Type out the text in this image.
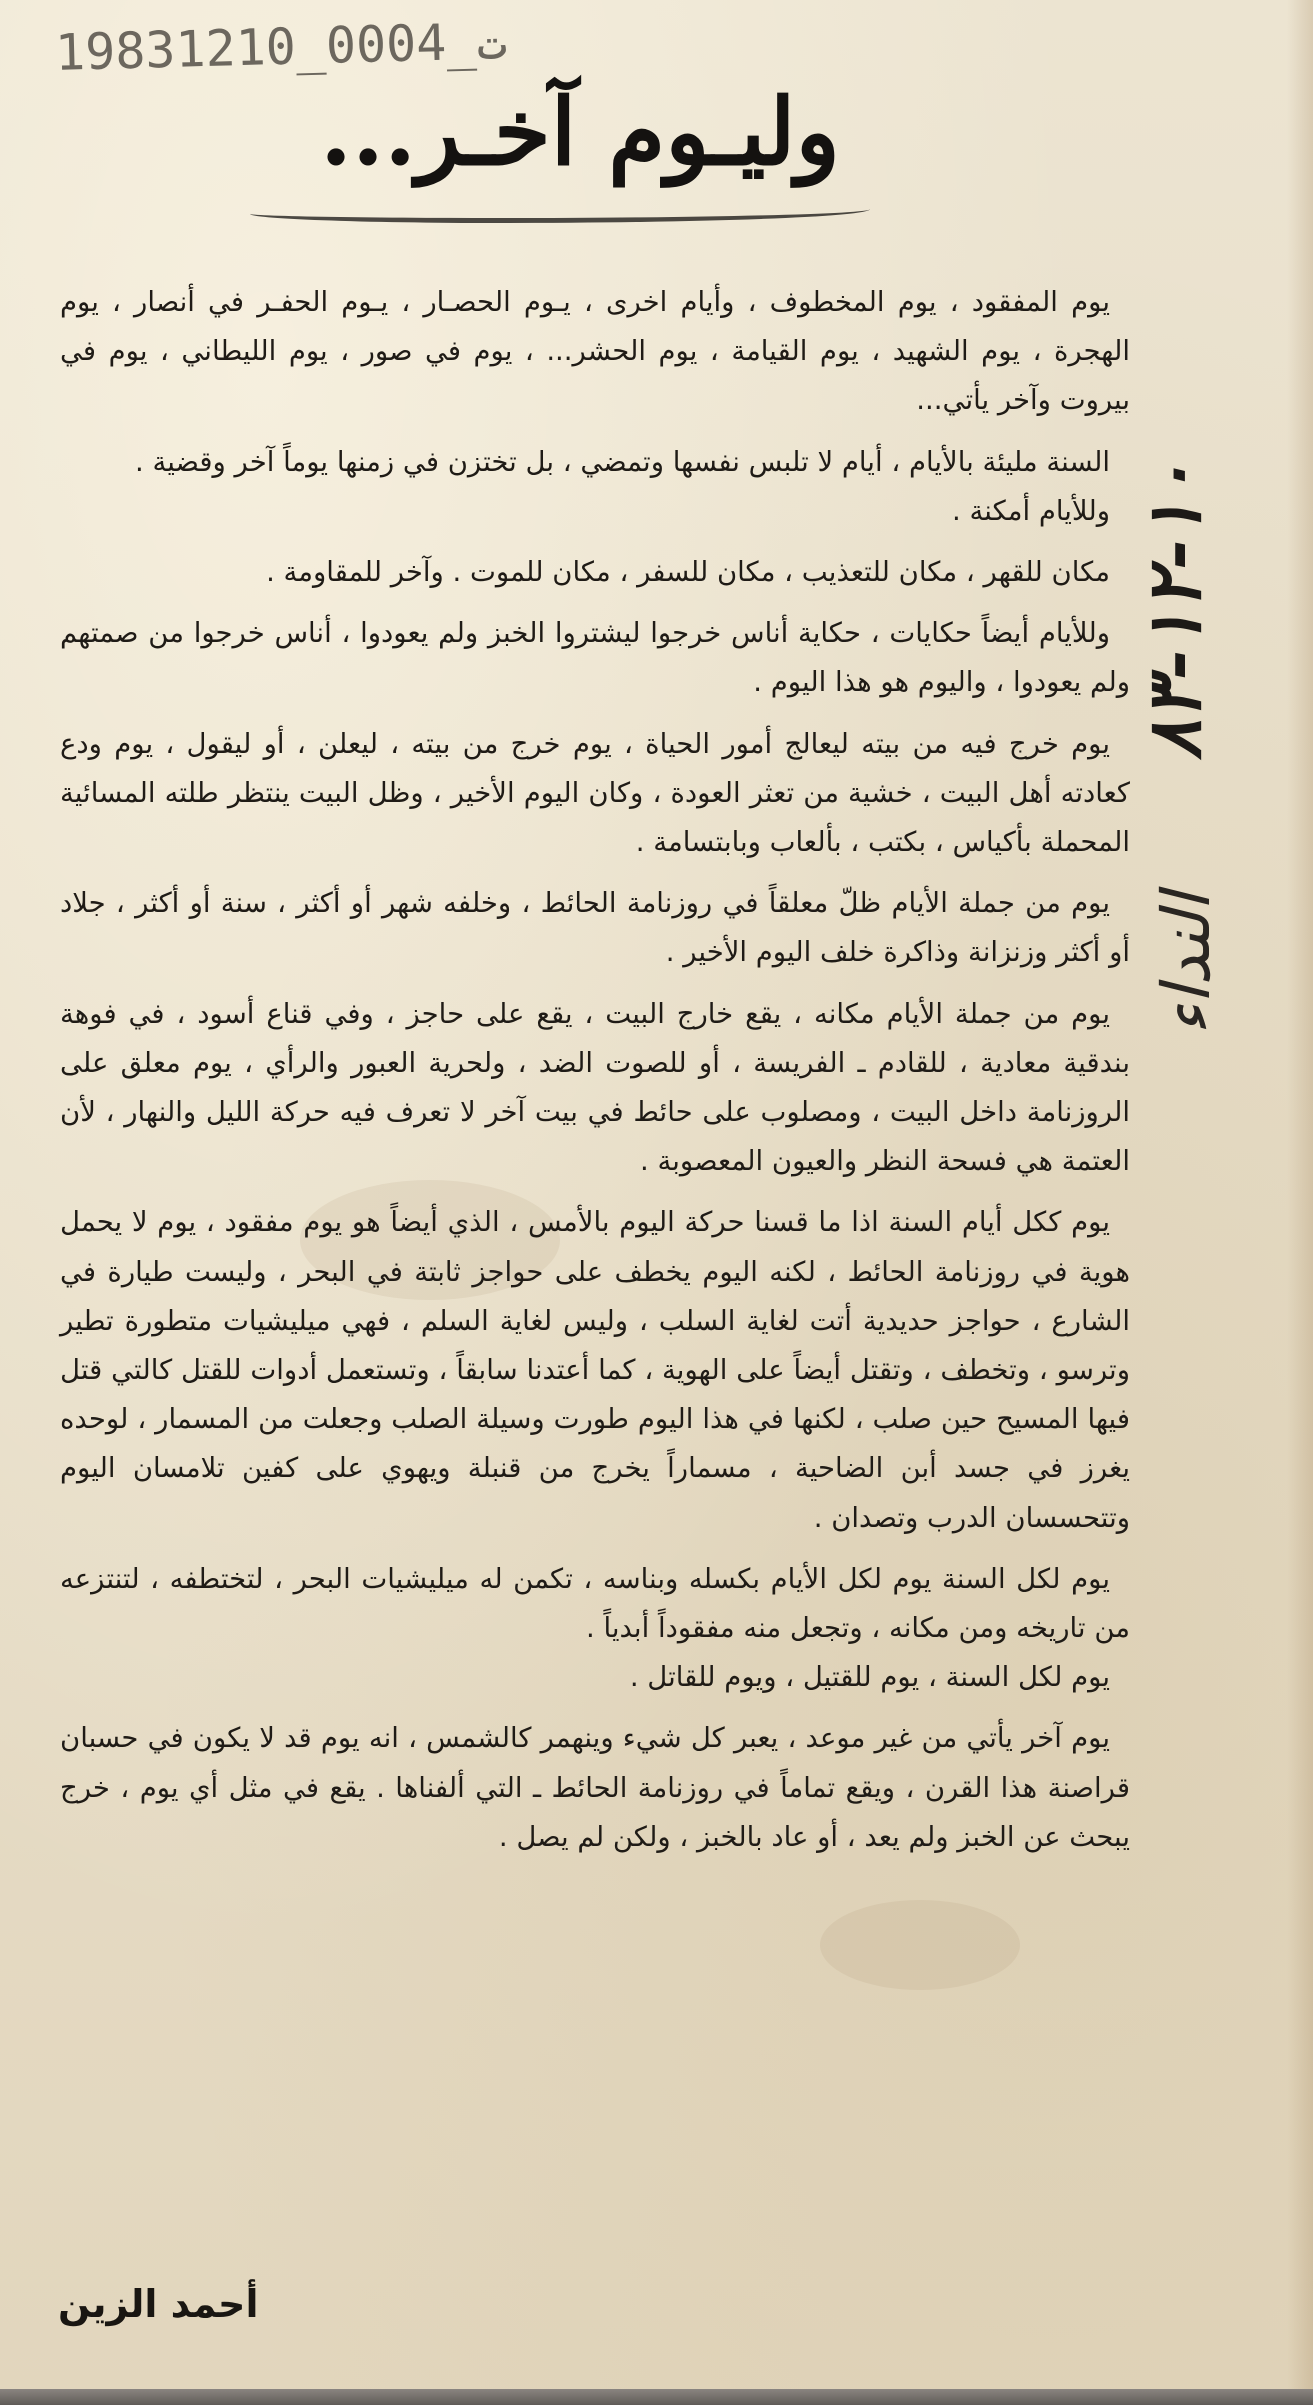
19831210_0004_ت
وليـوم آخـر...

يوم المفقود ، يوم المخطوف ، وأيام اخرى ، يـوم الحصـار ، يـوم الحفـر في أنصار ، يوم الهجرة ، يوم الشهيد ، يوم القيامة ، يوم الحشر... ، يوم في صور ، يوم الليطاني ، يوم في بيروت وآخر يأتي...

السنة مليئة بالأيام ، أيام لا تلبس نفسها وتمضي ، بل تختزن في زمنها يوماً آخر وقضية .

وللأيام أمكنة .

مكان للقهر ، مكان للتعذيب ، مكان للسفر ، مكان للموت . وآخر للمقاومة .

وللأيام أيضاً حكايات ، حكاية أناس خرجوا ليشتروا الخبز ولم يعودوا ، أناس خرجوا من صمتهم ولم يعودوا ، واليوم هو هذا اليوم .

يوم خرج فيه من بيته ليعالج أمور الحياة ، يوم خرج من بيته ، ليعلن ، أو ليقول ، يوم ودع كعادته أهل البيت ، خشية من تعثر العودة ، وكان اليوم الأخير ، وظل البيت ينتظر طلته المسائية المحملة بأكياس ، بكتب ، بألعاب وبابتسامة .

يوم من جملة الأيام ظلّ معلقاً في روزنامة الحائط ، وخلفه شهر أو أكثر ، سنة أو أكثر ، جلاد أو أكثر وزنزانة وذاكرة خلف اليوم الأخير .

يوم من جملة الأيام مكانه ، يقع خارج البيت ، يقع على حاجز ، وفي قناع أسود ، في فوهة بندقية معادية ، للقادم ـ الفريسة ، أو للصوت الضد ، ولحرية العبور والرأي ، يوم معلق على الروزنامة داخل البيت ، ومصلوب على حائط في بيت آخر لا تعرف فيه حركة الليل والنهار ، لأن العتمة هي فسحة النظر والعيون المعصوبة .

يوم ككل أيام السنة اذا ما قسنا حركة اليوم بالأمس ، الذي أيضاً هو يوم مفقود ، يوم لا يحمل هوية في روزنامة الحائط ، لكنه اليوم يخطف على حواجز ثابتة في البحر ، وليست طيارة في الشارع ، حواجز حديدية أتت لغاية السلب ، وليس لغاية السلم ، فهي ميليشيات متطورة تطير وترسو ، وتخطف ، وتقتل أيضاً على الهوية ، كما أعتدنا سابقاً ، وتستعمل أدوات للقتل كالتي قتل فيها المسيح حين صلب ، لكنها في هذا اليوم طورت وسيلة الصلب وجعلت من المسمار ، لوحده يغرز في جسد أبن الضاحية ، مسماراً يخرج من قنبلة ويهوي على كفين تلامسان اليوم وتتحسسان الدرب وتصدان .

يوم لكل السنة يوم لكل الأيام بكسله وبناسه ، تكمن له ميليشيات البحر ، لتختطفه ، لتنتزعه من تاريخه ومن مكانه ، وتجعل منه مفقوداً أبدياً .

يوم لكل السنة ، يوم للقتيل ، ويوم للقاتل .

يوم آخر يأتي من غير موعد ، يعبر كل شيء وينهمر كالشمس ، انه يوم قد لا يكون في حسبان قراصنة هذا القرن ، ويقع تماماً في روزنامة الحائط ـ التي ألفناها . يقع في مثل أي يوم ، خرج يبحث عن الخبز ولم يعد ، أو عاد بالخبز ، ولكن لم يصل .

أحمد الزين
١٠-١٢-٨٣
النداء
